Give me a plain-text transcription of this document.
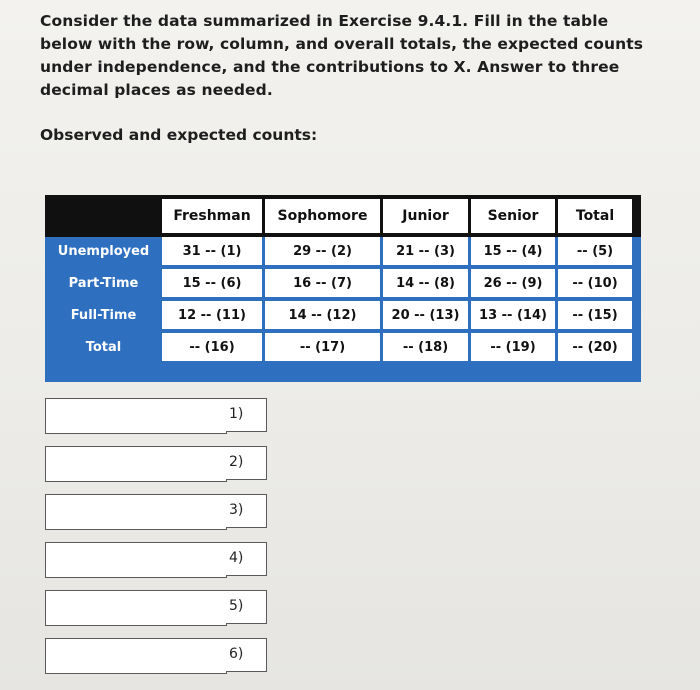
Consider the data summarized in Exercise 9.4.1. Fill in the table below with the row, column, and overall totals, the expected counts under independence, and the contributions to X. Answer to three decimal places as needed.
Observed and expected counts:
	Freshman	Sophomore	Junior	Senior	Total
Unemployed	31 -- (1)	29 -- (2)	21 -- (3)	15 -- (4)	-- (5)
Part-Time	15 -- (6)	16 -- (7)	14 -- (8)	26 -- (9)	-- (10)
Full-Time	12 -- (11)	14 -- (12)	20 -- (13)	13 -- (14)	-- (15)
Total	-- (16)	-- (17)	-- (18)	-- (19)	-- (20)
1)
2)
3)
4)
5)
6)
